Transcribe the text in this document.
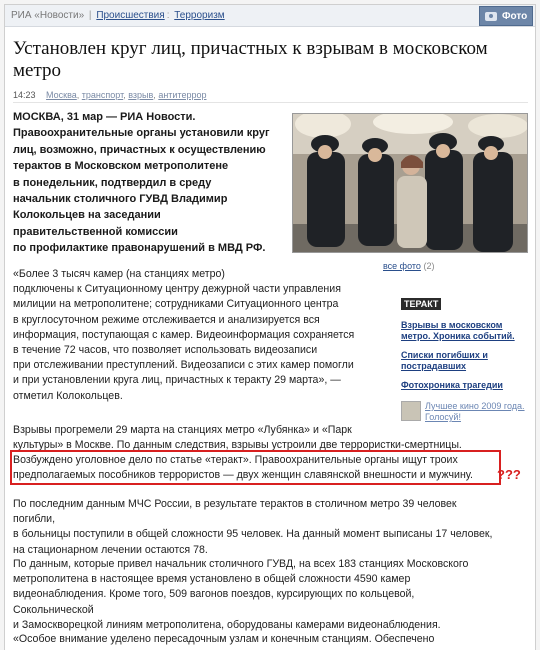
РИА «Новости» | Происшествия : Терроризм	Фото
Установлен круг лиц, причастных к взрывам в московском метро
14:23 Москва, транспорт, взрыв, антитеррор
МОСКВА, 31 мар — РИА Новости.
Правоохранительные органы установили круг
лиц, возможно, причастных к осуществлению
терактов в Московском метрополитене
в понедельник, подтвердил в среду
начальник столичного ГУВД Владимир
Колокольцев на заседании
правительственной комиссии
по профилактике правонарушений в МВД РФ.
все фото (2)
«Более 3 тысяч камер (на станциях метро)
подключены к Ситуационному центру дежурной части управления
милиции на метрополитене; сотрудниками Ситуационного центра
в круглосуточном режиме отслеживается и анализируется вся
информация, поступающая с камер. Видеоинформация сохраняется
в течение 72 часов, что позволяет использовать видеозаписи
при отслеживании преступлений. Видеозаписи с этих камер помогли
и при установлении круга лиц, причастных к теракту 29 марта», —
отметил Колокольцев.
ТЕРАКТ
Взрывы в московском метро. Хроника событий.
Списки погибших и пострадавших
Фотохроника трагедии
Лучшее кино 2009 года. Голосуй!
Взрывы прогремели 29 марта на станциях метро «Лубянка» и «Парк
культуры» в Москве. По данным следствия, взрывы устроили две террористки-смертницы.
Возбуждено уголовное дело по статье «теракт». Правоохранительные органы ищут троих
предполагаемых пособников террористов — двух женщин славянской внешности и мужчину.	???
По последним данным МЧС России, в результате терактов в столичном метро 39 человек погибли,
в больницы поступили в общей сложности 95 человек. На данный момент выписаны 17 человек,
на стационарном лечении остаются 78.
По данным, которые привел начальник столичного ГУВД, на всех 183 станциях Московского
метрополитена в настоящее время установлено в общей сложности 4590 камер
видеонаблюдения. Кроме того, 509 вагонов поездов, курсирующих по кольцевой, Сокольнической
и Замоскворецкой линиям метрополитена, оборудованы камерами видеонаблюдения.
«Особое внимание уделено пересадочным узлам и конечным станциям. Обеспечено
